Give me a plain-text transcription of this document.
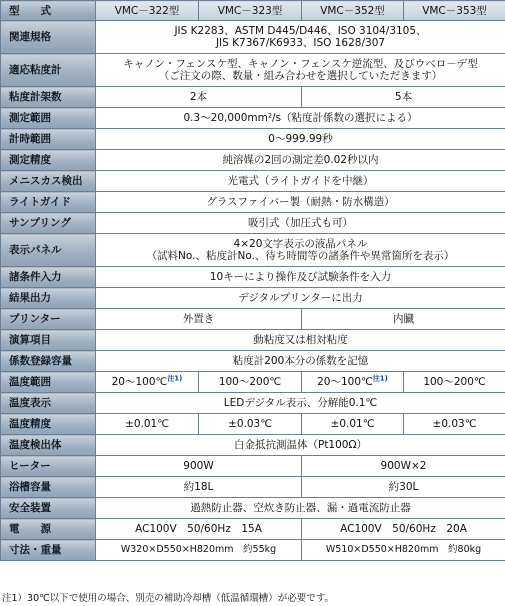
型　　式	VMC－322型	VMC－323型	VMC－352型	VMC－353型
関連規格	JIS K2283、ASTM D445/D446、ISO 3104/3105、
JIS K7367/K6933、ISO 1628/307			

適応粘度計	キャノン・フェンスケ型、キャノン・フェンスケ逆流型、及びウベロ－デ型
（ご注文の際、数量・組み合わせを選択していただきます）			

粘度計架数	2本		5本	
測定範囲	0.3～20,000mm²/s（粘度計係数の選択による）			
計時範囲	0～999.99秒			
測定精度	純溶媒の2回の測定差0.02秒以内			
メニスカス検出	光電式（ライトガイドを中継）			
ライトガイド	グラスファイバー製（耐熱・防水構造）			
サンプリング	吸引式（加圧式も可）			
表示パネル	4×20文字表示の液晶パネル
（試料No.、粘度計No.、待ち時間等の諸条件や異常箇所を表示）			

諸条件入力	10キーにより操作及び試験条件を入力			
結果出力	デジタルプリンターに出力			
プリンター	外置き		内臓	
演算項目	動粘度又は相対粘度			
係数登録容量	粘度計200本分の係数を記憶			
温度範囲	20～100℃$^{注1)}$	100～200℃	20～100℃$^{注1)}$	100～200℃
温度表示	LEDデジタル表示、分解能0.1℃			
温度精度	±0.01℃	±0.03℃	±0.01℃	±0.03℃
温度検出体	白金抵抗測温体（Pt100Ω）			
ヒーター	900W		900W×2	
浴槽容量	約18L		約30L	
安全装置	過熱防止器、空炊き防止器、漏・過電流防止器			
電　　源	AC100V　50/60Hz　15A		AC100V　50/60Hz　20A	
寸法・重量	W320×D550×H820mm　約55kg		W510×D550×H820mm　約80kg	
注1）30℃以下で使用の場合、別売の補助冷却槽（低温循環槽）が必要です。
